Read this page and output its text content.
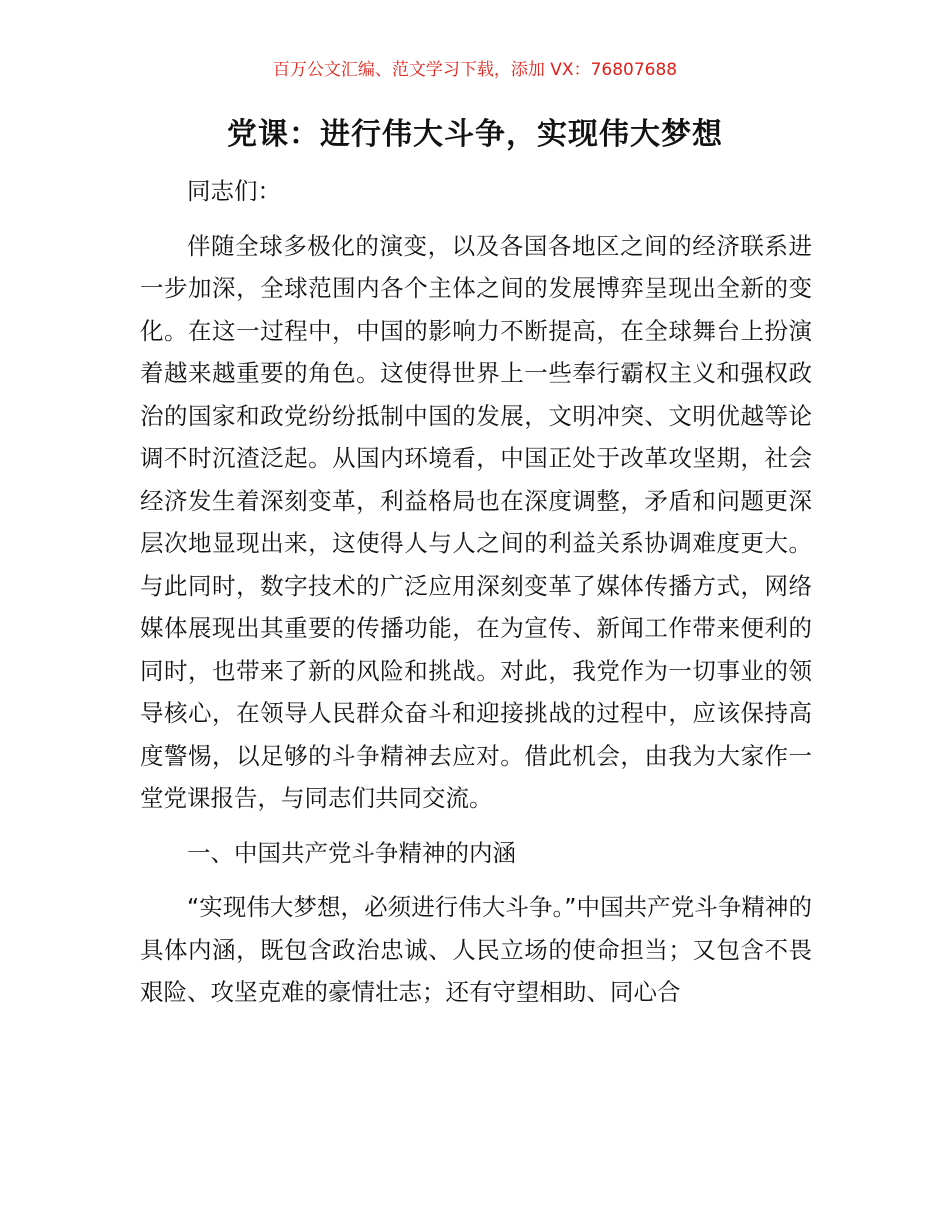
百万公文汇编、范文学习下载，添加 VX：76807688
党课：进行伟大斗争，实现伟大梦想

同志们：

伴随全球多极化的演变，以及各国各地区之间的经济联系进一步加深，全球范围内各个主体之间的发展博弈呈现出全新的变化。在这一过程中，中国的影响力不断提高，在全球舞台上扮演着越来越重要的角色。这使得世界上一些奉行霸权主义和强权政治的国家和政党纷纷抵制中国的发展，文明冲突、文明优越等论调不时沉渣泛起。从国内环境看，中国正处于改革攻坚期，社会经济发生着深刻变革，利益格局也在深度调整，矛盾和问题更深层次地显现出来，这使得人与人之间的利益关系协调难度更大。与此同时，数字技术的广泛应用深刻变革了媒体传播方式，网络媒体展现出其重要的传播功能，在为宣传、新闻工作带来便利的同时，也带来了新的风险和挑战。对此，我党作为一切事业的领导核心，在领导人民群众奋斗和迎接挑战的过程中，应该保持高度警惕，以足够的斗争精神去应对。借此机会，由我为大家作一堂党课报告，与同志们共同交流。

一、中国共产党斗争精神的内涵

“实现伟大梦想，必须进行伟大斗争。”中国共产党斗争精神的具体内涵，既包含政治忠诚、人民立场的使命担当；又包含不畏艰险、攻坚克难的豪情壮志；还有守望相助、同心合
